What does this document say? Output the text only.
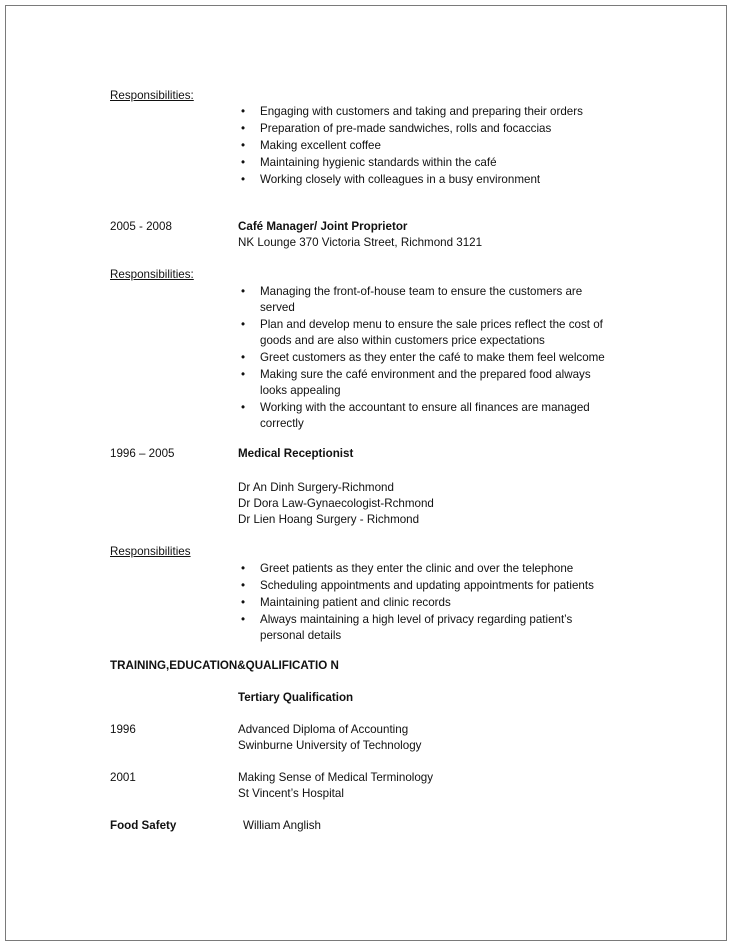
Responsibilities:
• Engaging with customers and taking and preparing their orders
• Preparation of pre-made sandwiches, rolls and focaccias
• Making excellent coffee
• Maintaining hygienic standards within the café
• Working closely with colleagues in a busy environment
2005 - 2008	Café Manager/ Joint Proprietor
NK Lounge 370 Victoria Street, Richmond 3121
Responsibilities:
• Managing the front-of-house team to ensure the customers are
served
• Plan and develop menu to ensure the sale prices reflect the cost of
goods and are also within customers price expectations
• Greet customers as they enter the café to make them feel welcome
• Making sure the café environment and the prepared food always
looks appealing
• Working with the accountant to ensure all finances are managed
correctly
1996 – 2005	Medical Receptionist
Dr An Dinh Surgery-Richmond
Dr Dora Law-Gynaecologist-Rchmond
Dr Lien Hoang Surgery - Richmond
Responsibilities
• Greet patients as they enter the clinic and over the telephone
• Scheduling appointments and updating appointments for patients
• Maintaining patient and clinic records
• Always maintaining a high level of privacy regarding patient’s
personal details
TRAINING,EDUCATION&QUALIFICATIO N
Tertiary Qualification
1996	Advanced Diploma of Accounting
Swinburne University of Technology
2001	Making Sense of Medical Terminology
St Vincent’s Hospital
Food Safety	William Anglish
